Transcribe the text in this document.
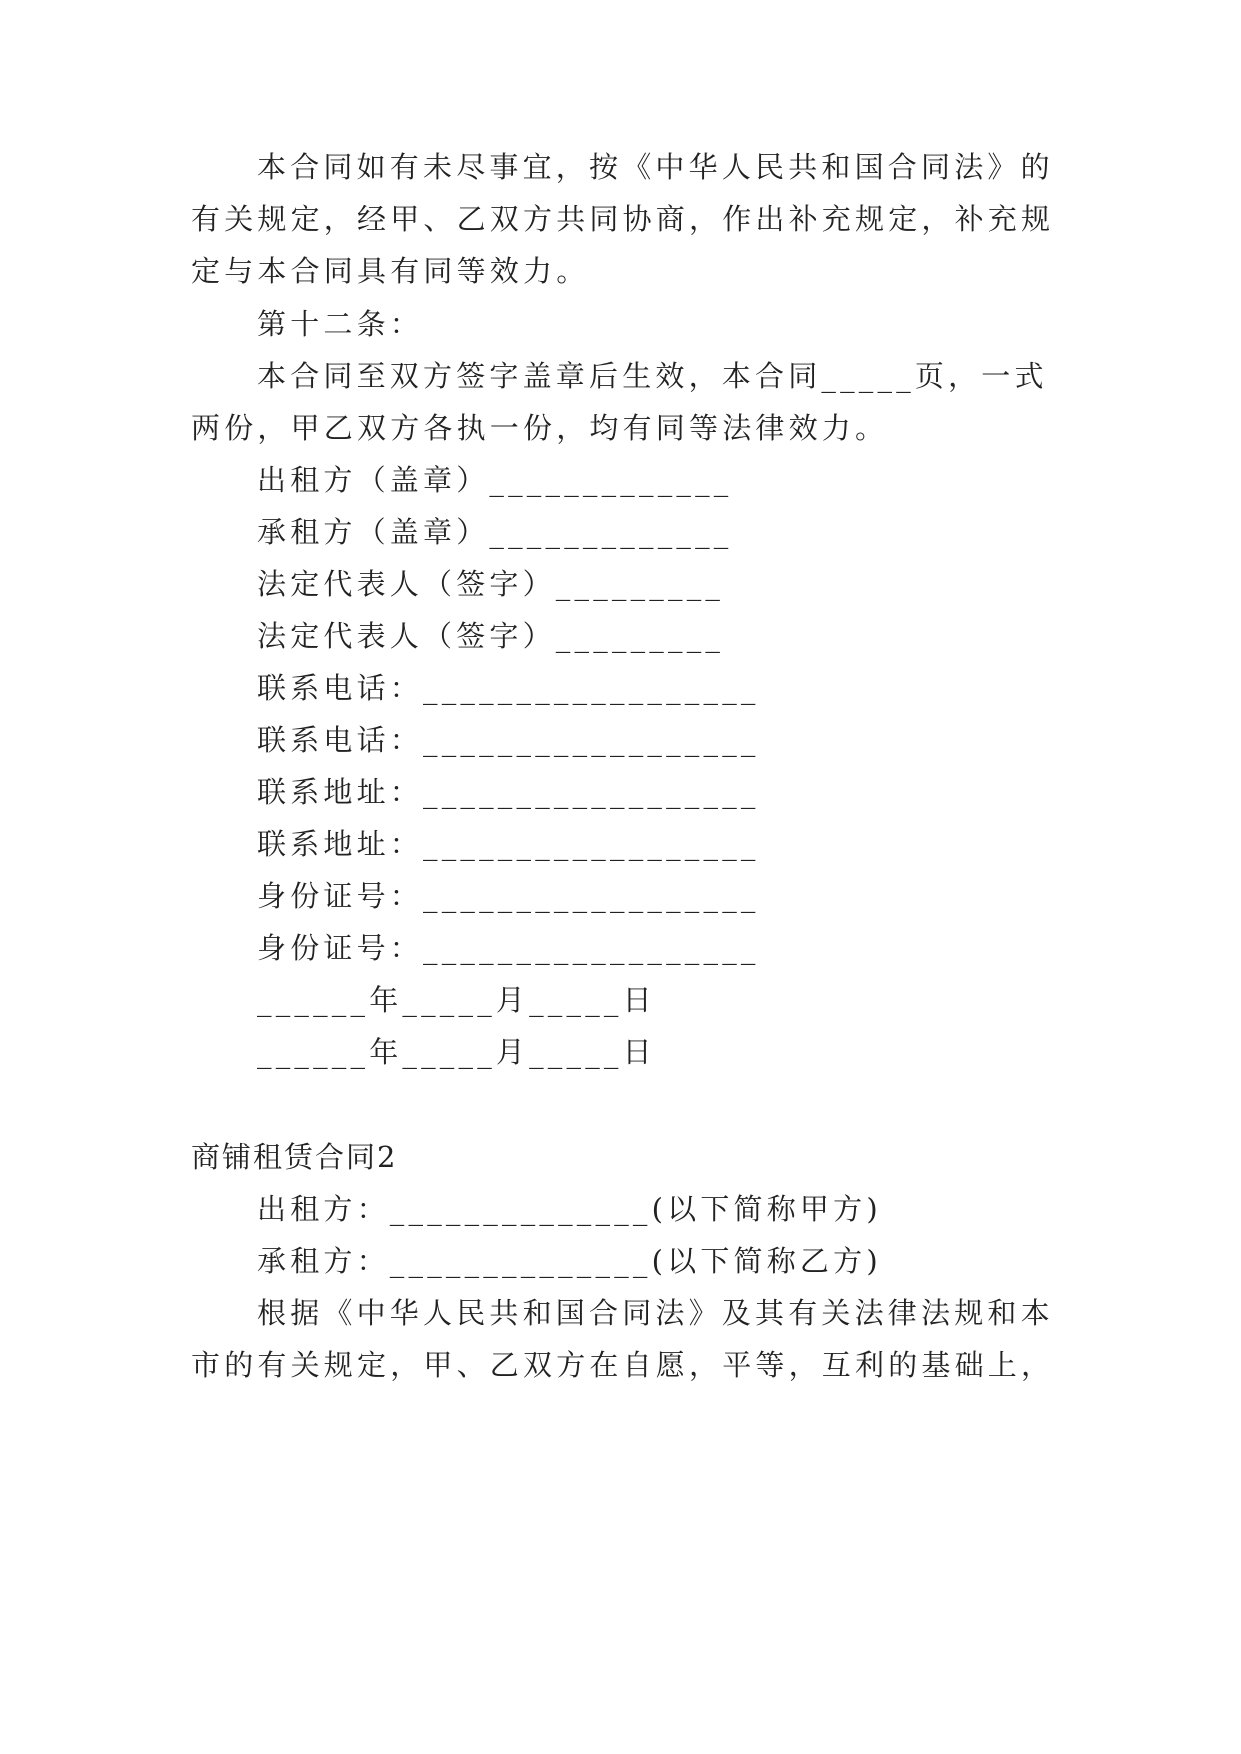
本合同如有未尽事宜，按《中华人民共和国合同法》的
有关规定，经甲、乙双方共同协商，作出补充规定，补充规
定与本合同具有同等效力。
第十二条：
本合同至双方签字盖章后生效，本合同_____页，一式
两份，甲乙双方各执一份，均有同等法律效力。
出租方（盖章）_____________
承租方（盖章）_____________
法定代表人（签字）_________
法定代表人（签字）_________
联系电话：__________________
联系电话：__________________
联系地址：__________________
联系地址：__________________
身份证号：__________________
身份证号：__________________
______年_____月_____日
______年_____月_____日
商铺租赁合同2
出租方：______________(以下简称甲方)
承租方：______________(以下简称乙方)
根据《中华人民共和国合同法》及其有关法律法规和本
市的有关规定，甲、乙双方在自愿，平等，互利的基础上，
